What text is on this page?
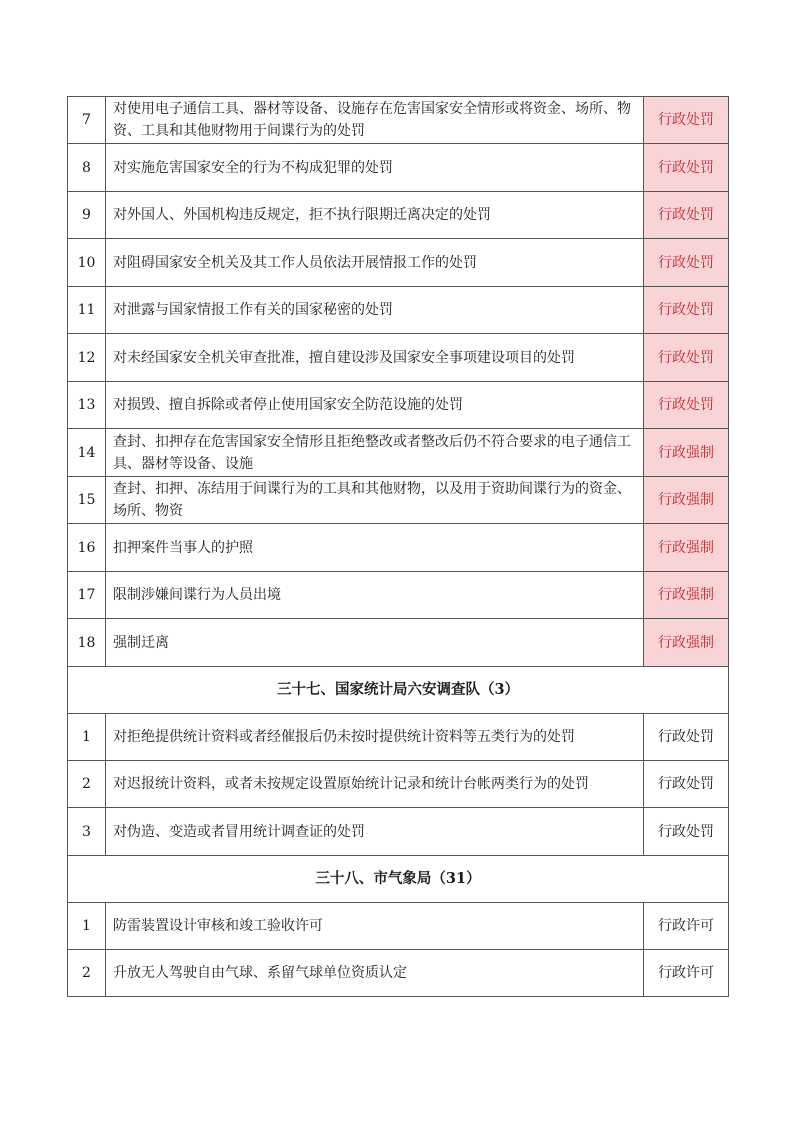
7	对使用电子通信工具、器材等设备、设施存在危害国家安全情形或将资金、场所、物资、工具和其他财物用于间谍行为的处罚	行政处罚
8	对实施危害国家安全的行为不构成犯罪的处罚	行政处罚
9	对外国人、外国机构违反规定，拒不执行限期迁离决定的处罚	行政处罚
10	对阻碍国家安全机关及其工作人员依法开展情报工作的处罚	行政处罚
11	对泄露与国家情报工作有关的国家秘密的处罚	行政处罚
12	对未经国家安全机关审查批准，擅自建设涉及国家安全事项建设项目的处罚	行政处罚
13	对损毁、擅自拆除或者停止使用国家安全防范设施的处罚	行政处罚
14	查封、扣押存在危害国家安全情形且拒绝整改或者整改后仍不符合要求的电子通信工具、器材等设备、设施	行政强制
15	查封、扣押、冻结用于间谍行为的工具和其他财物，以及用于资助间谍行为的资金、场所、物资	行政强制
16	扣押案件当事人的护照	行政强制
17	限制涉嫌间谍行为人员出境	行政强制
18	强制迁离	行政强制
三十七、国家统计局六安调查队（3）		
1	对拒绝提供统计资料或者经催报后仍未按时提供统计资料等五类行为的处罚	行政处罚
2	对迟报统计资料，或者未按规定设置原始统计记录和统计台帐两类行为的处罚	行政处罚
3	对伪造、变造或者冒用统计调查证的处罚	行政处罚
三十八、市气象局（31）		
1	防雷装置设计审核和竣工验收许可	行政许可
2	升放无人驾驶自由气球、系留气球单位资质认定	行政许可
